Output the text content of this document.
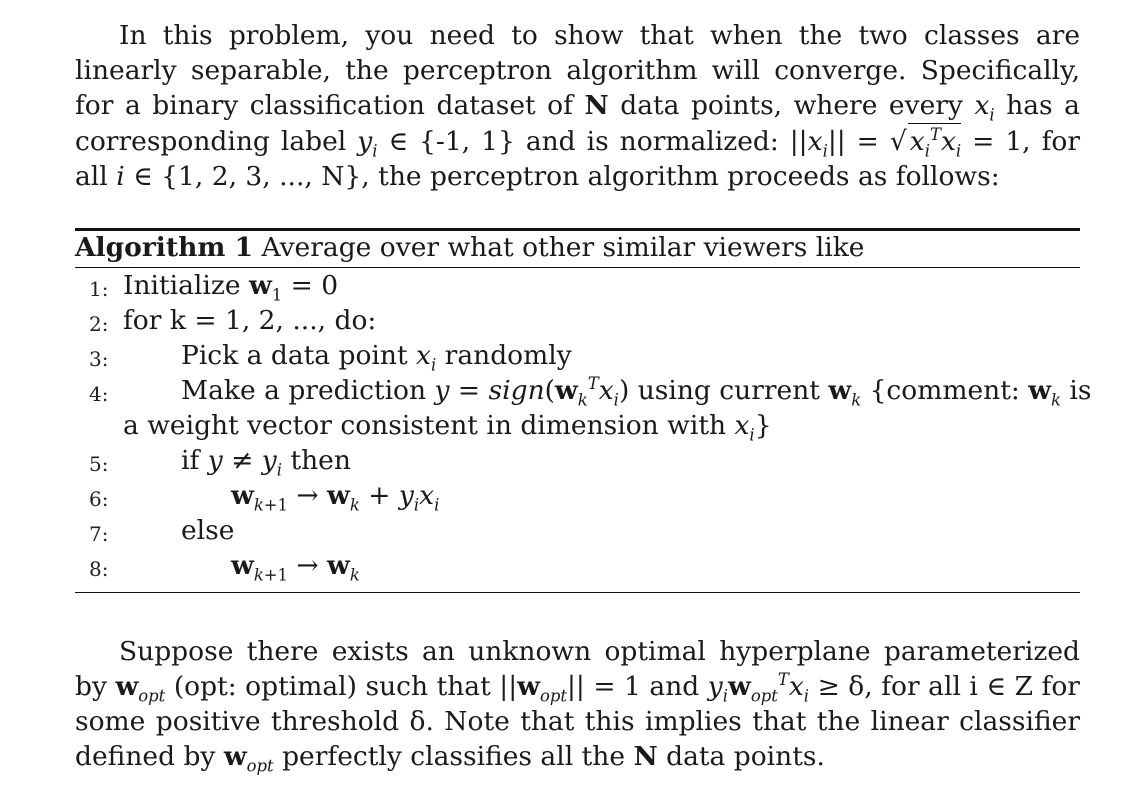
In this problem, you need to show that when the two classes are linearly separable, the perceptron algorithm will converge. Specifically, for a binary classification dataset of N data points, where every $x_i$ has a corresponding label $y_i$ ∈ {-1, 1} and is normalized: $||x_i||$ = √ $x_i^Tx_i = 1$, for all i ∈ {1, 2, 3, ..., N}, the perceptron algorithm proceeds as follows:
Algorithm 1 Average over what other similar viewers like
1: Initialize $w_1 = 0$
2: for k = 1, 2, ..., do:
3:	Pick a data point $x_i$ randomly
4:	Make a prediction $y = sign(w_k^Tx_i)$ using current $w_k$ {comment: $w_k$ is
a weight vector consistent in dimension with $x_i$}
5:	if $y \ne y_i$ then
6:	$w_{k+1} \to w_k + y_ix_i$
7:	else
8:	$w_{k+1} \to w_k$
Suppose there exists an unknown optimal hyperplane parameterized by $w_{opt}$ (opt: optimal) such that $||w_{opt}|| = 1$ and $y_iw_{opt}^Tx_i \ge \delta$, for all i ∈ Z for some positive threshold δ. Note that this implies that the linear classifier defined by $w_{opt}$ perfectly classifies all the N data points.
